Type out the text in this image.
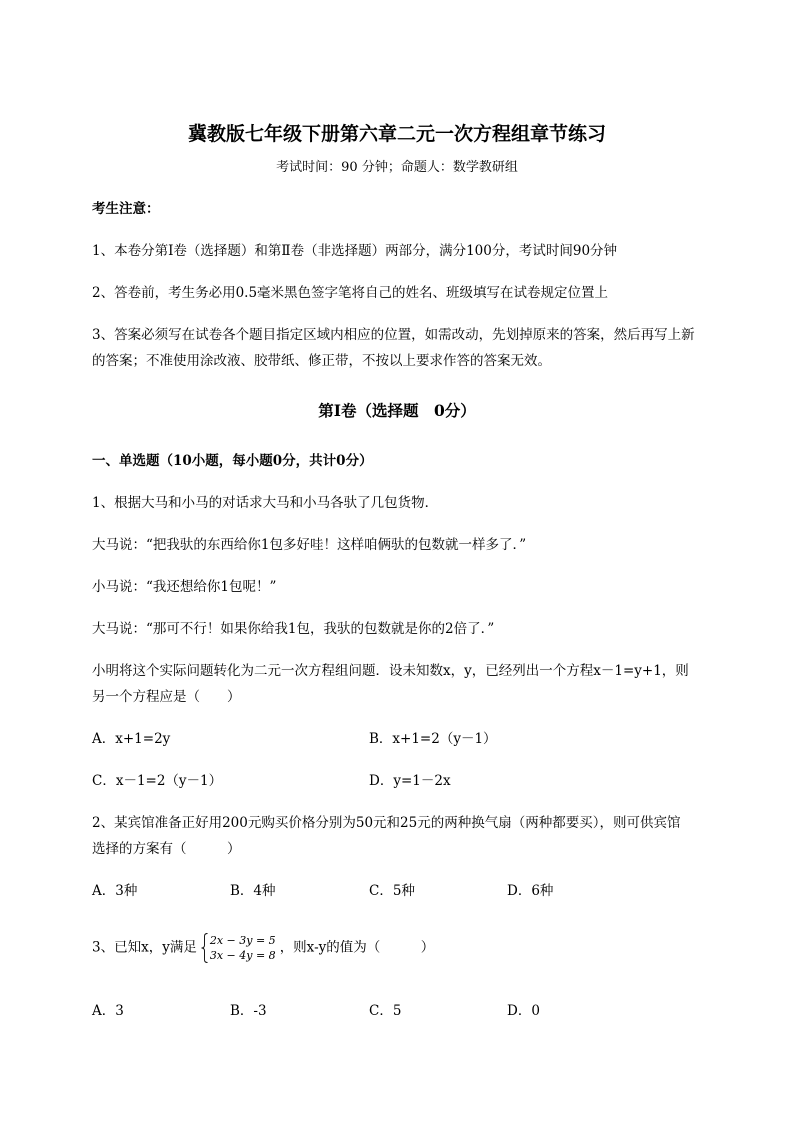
冀教版七年级下册第六章二元一次方程组章节练习
考试时间：90 分钟；命题人：数学教研组
考生注意：
1、本卷分第I卷（选择题）和第Ⅱ卷（非选择题）两部分，满分100分，考试时间90分钟
2、答卷前，考生务必用0.5毫米黑色签字笔将自己的姓名、班级填写在试卷规定位置上
3、答案必须写在试卷各个题目指定区域内相应的位置，如需改动，先划掉原来的答案，然后再写上新
的答案；不准使用涂改液、胶带纸、修正带，不按以上要求作答的答案无效。
第I卷（选择题　0分）
一、单选题（10小题，每小题0分，共计0分）
1、根据大马和小马的对话求大马和小马各驮了几包货物．
大马说：“把我驮的东西给你1包多好哇！这样咱俩驮的包数就一样多了．”
小马说：“我还想给你1包呢！”
大马说：“那可不行！如果你给我1包，我驮的包数就是你的2倍了．”
小明将这个实际问题转化为二元一次方程组问题．设未知数x，y，已经列出一个方程x－1=y+1，则
另一个方程应是（　　）
A．x+1=2y	B．x+1=2（y－1）
C．x－1=2（y－1）	D．y=1－2x
2、某宾馆准备正好用200元购买价格分别为50元和25元的两种换气扇（两种都要买），则可供宾馆
选择的方案有（　　　）
A．3种	B．4种	C．5种	D．6种
3、已知x，y满足 2x − 3y = 5
3x − 4y = 8 ，则x-y的值为（　　　）
A．3	B．-3	C．5	D．0
